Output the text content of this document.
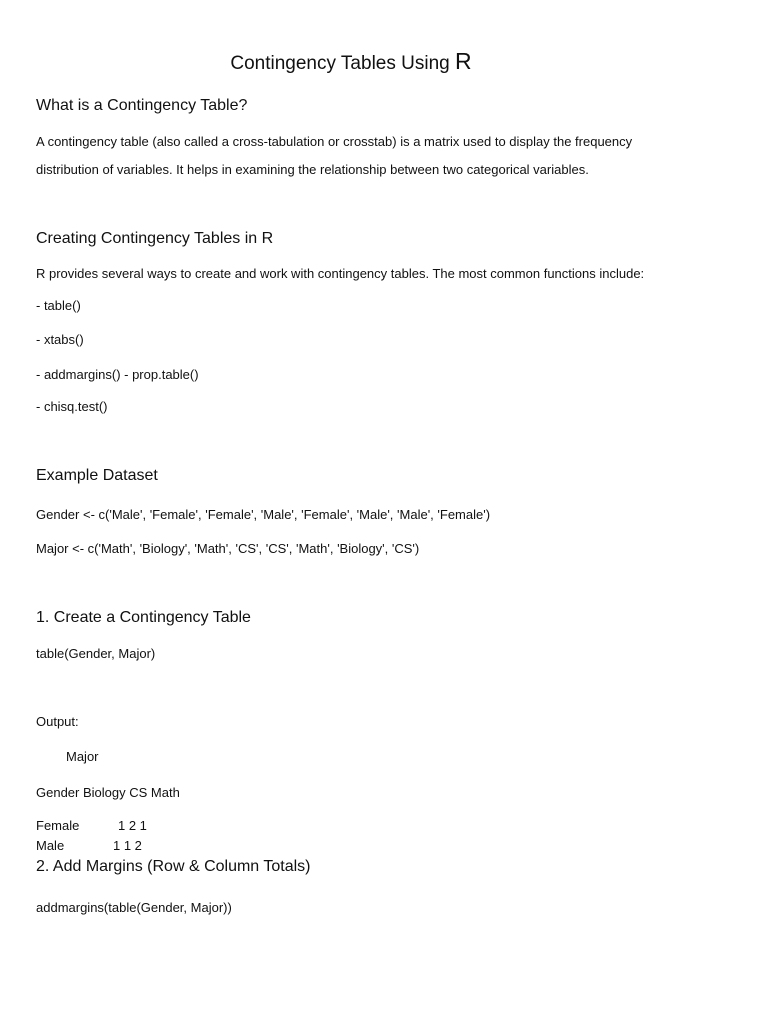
Contingency Tables Using R
What is a Contingency Table?
A contingency table (also called a cross-tabulation or crosstab) is a matrix used to display the frequency
distribution of variables. It helps in examining the relationship between two categorical variables.
Creating Contingency Tables in R
R provides several ways to create and work with contingency tables. The most common functions include:
- table()
- xtabs()
- addmargins() - prop.table()
- chisq.test()
Example Dataset
Gender <- c('Male', 'Female', 'Female', 'Male', 'Female', 'Male', 'Male', 'Female')
Major <- c('Math', 'Biology', 'Math', 'CS', 'CS', 'Math', 'Biology', 'CS')
1. Create a Contingency Table
table(Gender, Major)
Output:
Major
Gender Biology CS Math
Female	1 2 1
Male	1 1 2
2. Add Margins (Row & Column Totals)
addmargins(table(Gender, Major))
